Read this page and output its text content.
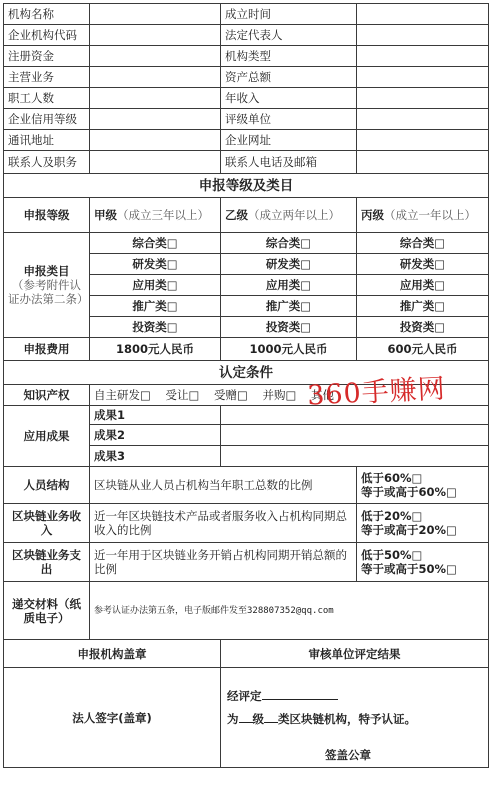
机构名称		成立时间	
企业机构代码		法定代表人	
注册资金		机构类型	
主营业务		资产总额	
职工人数		年收入	
企业信用等级		评级单位	
通讯地址		企业网址	
联系人及职务		联系人电话及邮箱	
申报等级及类目			
申报等级	甲级（成立三年以上）	乙级（成立两年以上）	丙级（成立一年以上）
申报类目
（参考附件认证办法第二条）	综合类□	综合类□	综合类□
	研发类□	研发类□	研发类□
	应用类□	应用类□	应用类□
	推广类□	推广类□	推广类□
	投资类□	投资类□	投资类□
申报费用	1800元人民币	1000元人民币	600元人民币
认定条件			
知识产权	自主研发□    受让□    受赠□    并购□    其他		
应用成果	成果1		
	成果2		
	成果3		
人员结构	区块链从业人员占机构当年职工总数的比例		低于60%□
等于或高于60%□

区块链业务收入	近一年区块链技术产品或者服务收入占机构同期总收入的比例		低于20%□
等于或高于20%□

区块链业务支出	近一年用于区块链业务开销占机构同期开销总额的比例		低于50%□
等于或高于50%□

递交材料（纸质电子）	参考认证办法第五条，电子版邮件发至328807352@qq.com		
申报机构盖章		审核单位评定结果	
法人签字(盖章)		经评定
为 级 类区块链机构，特予认证。
签盖公章	
360手赚网
